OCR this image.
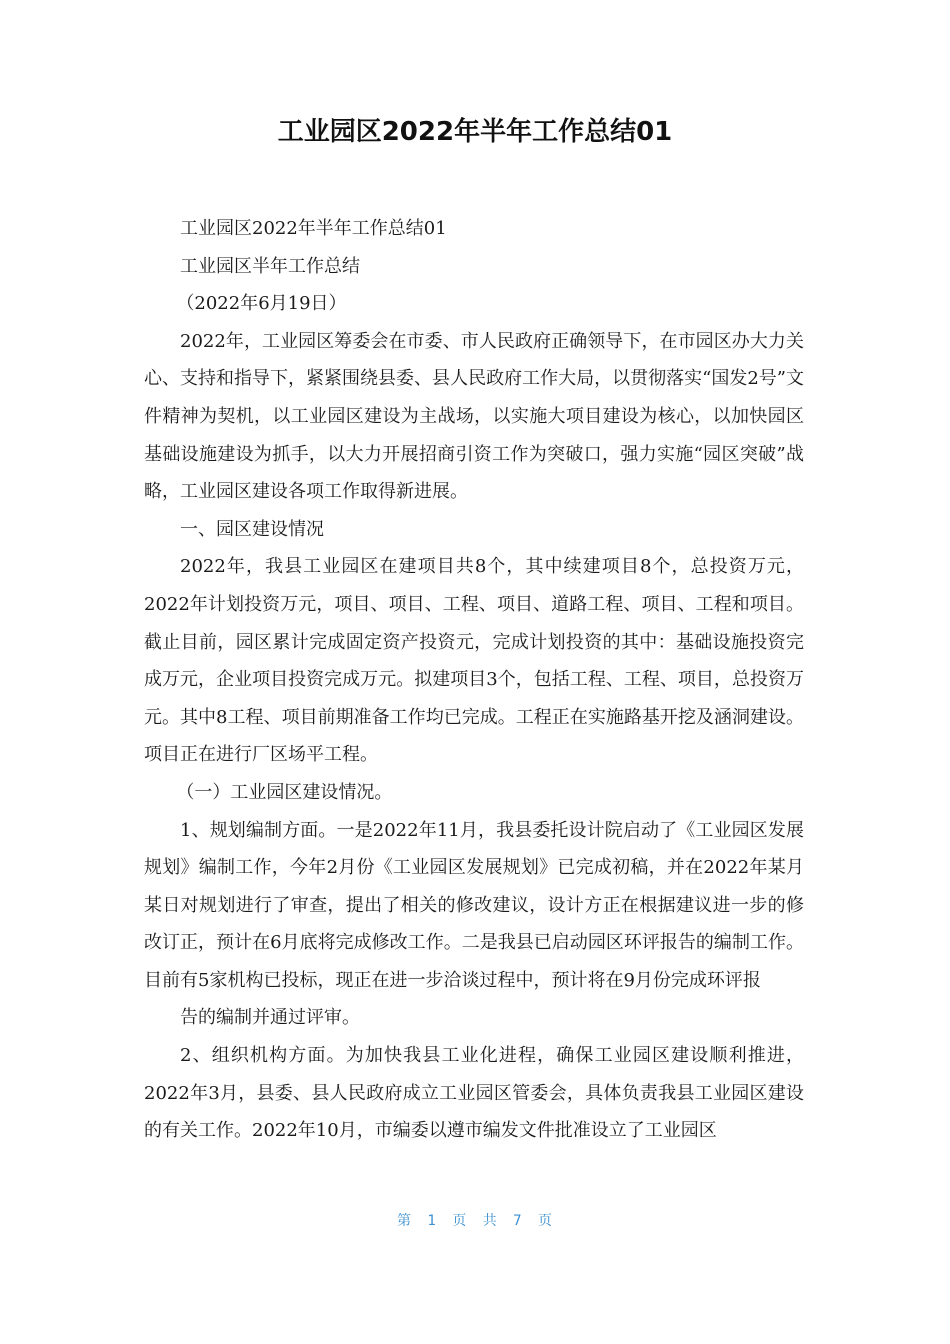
工业园区2022年半年工作总结01

工业园区2022年半年工作总结01

工业园区半年工作总结

（2022年6月19日）

2022年，工业园区筹委会在市委、市人民政府正确领导下，在市园区办大力关心、支持和指导下，紧紧围绕县委、县人民政府工作大局，以贯彻落实“国发2号”文件精神为契机，以工业园区建设为主战场，以实施大项目建设为核心，以加快园区基础设施建设为抓手，以大力开展招商引资工作为突破口，强力实施“园区突破”战略，工业园区建设各项工作取得新进展。

一、园区建设情况

2022年，我县工业园区在建项目共8个，其中续建项目8个，总投资万元，2022年计划投资万元，项目、项目、工程、项目、道路工程、项目、工程和项目。截止目前，园区累计完成固定资产投资元，完成计划投资的其中：基础设施投资完成万元，企业项目投资完成万元。拟建项目3个，包括工程、工程、项目，总投资万元。其中8工程、项目前期准备工作均已完成。工程正在实施路基开挖及涵洞建设。项目正在进行厂区场平工程。

（一）工业园区建设情况。

1、规划编制方面。一是2022年11月，我县委托设计院启动了《工业园区发展规划》编制工作，今年2月份《工业园区发展规划》已完成初稿，并在2022年某月某日对规划进行了审查，提出了相关的修改建议，设计方正在根据建议进一步的修改订正，预计在6月底将完成修改工作。二是我县已启动园区环评报告的编制工作。目前有5家机构已投标，现正在进一步洽谈过程中，预计将在9月份完成环评报

告的编制并通过评审。

2、组织机构方面。为加快我县工业化进程，确保工业园区建设顺利推进，2022年3月，县委、县人民政府成立工业园区管委会，具体负责我县工业园区建设的有关工作。2022年10月，市编委以遵市编发文件批准设立了工业园区

第 1 页 共 7 页
